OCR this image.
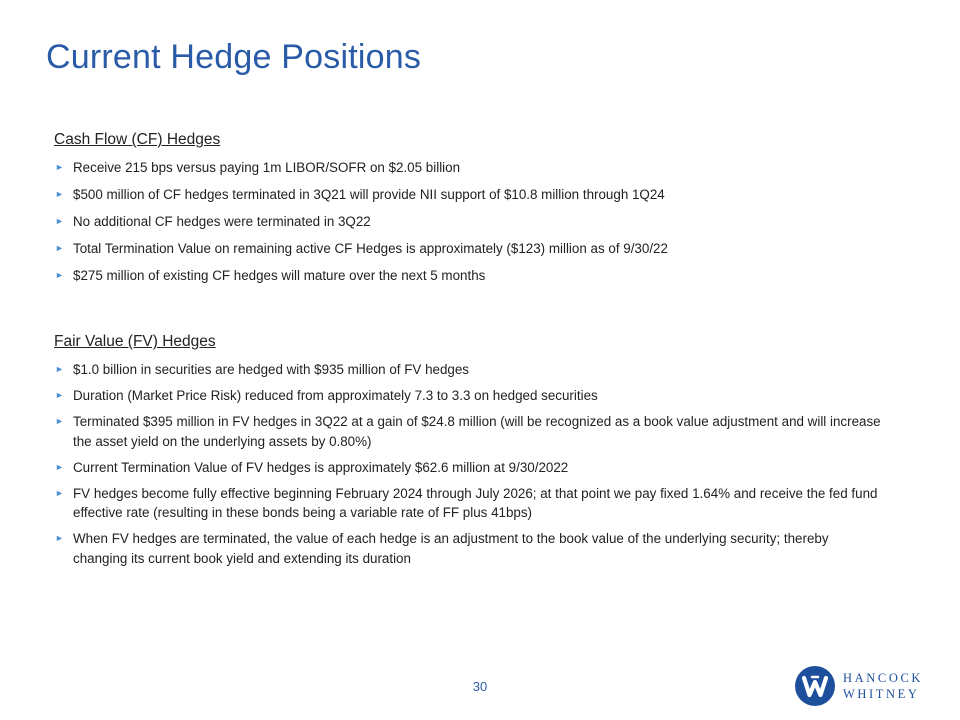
Current Hedge Positions
Cash Flow (CF) Hedges
► Receive 215 bps versus paying 1m LIBOR/SOFR on $2.05 billion
► $500 million of CF hedges terminated in 3Q21 will provide NII support of $10.8 million through 1Q24
► No additional CF hedges were terminated in 3Q22
► Total Termination Value on remaining active CF Hedges is approximately ($123) million as of 9/30/22
► $275 million of existing CF hedges will mature over the next 5 months
Fair Value (FV) Hedges
► $1.0 billion in securities are hedged with $935 million of FV hedges
► Duration (Market Price Risk) reduced from approximately 7.3 to 3.3 on hedged securities
► Terminated $395 million in FV hedges in 3Q22 at a gain of $24.8 million (will be recognized as a book value adjustment and will increase the asset yield on the underlying assets by 0.80%)
► Current Termination Value of FV hedges is approximately $62.6 million at 9/30/2022
► FV hedges become fully effective beginning February 2024 through July 2026; at that point we pay fixed 1.64% and receive the fed fund effective rate (resulting in these bonds being a variable rate of FF plus 41bps)
► When FV hedges are terminated, the value of each hedge is an adjustment to the book value of the underlying security; thereby changing its current book yield and extending its duration
30
HANCOCK
WHITNEY
